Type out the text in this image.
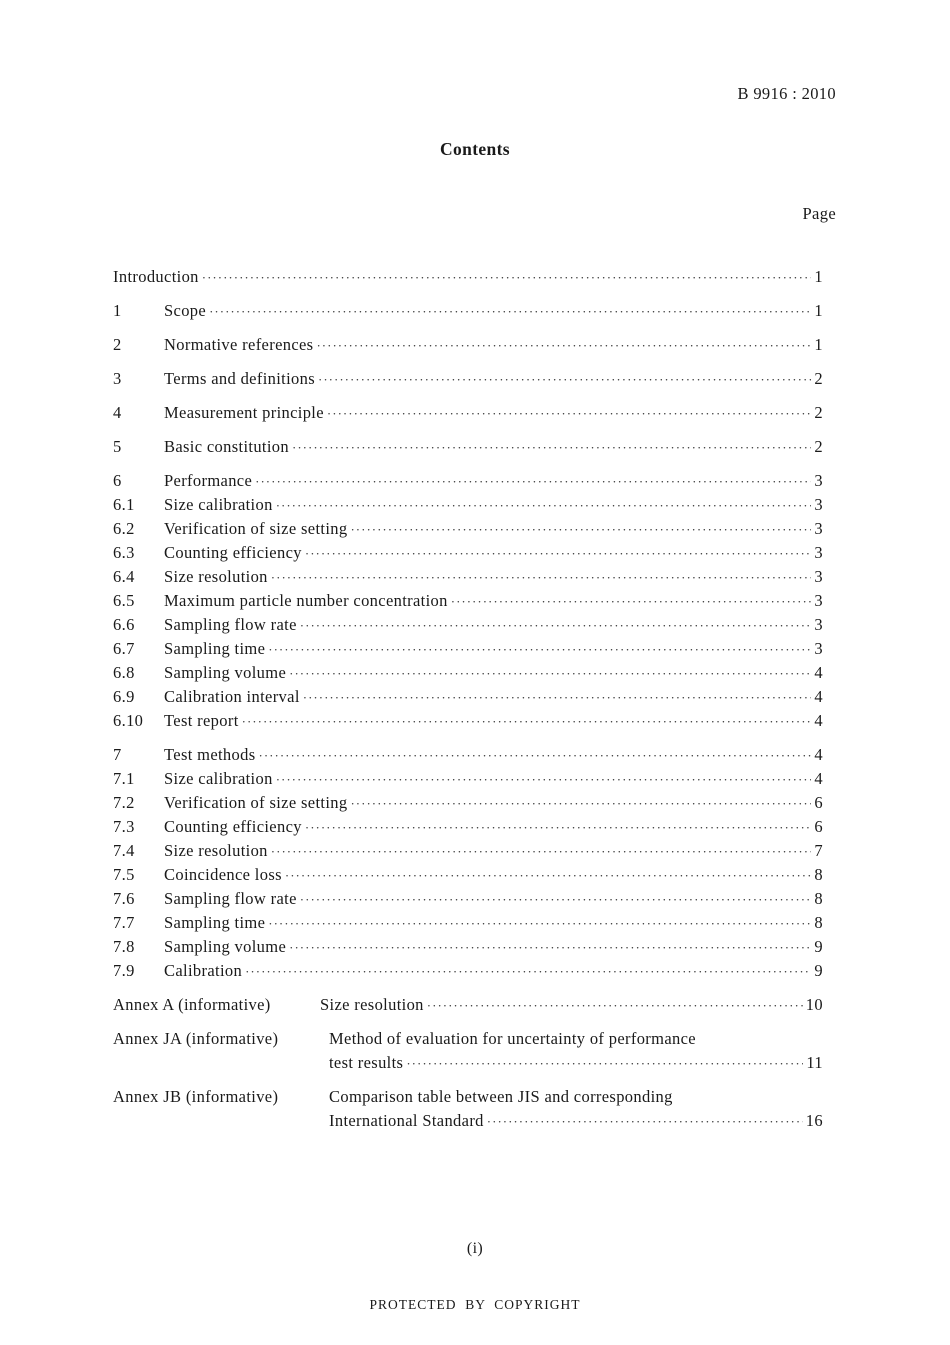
B 9916 : 2010
Contents
Page
Introduction ·····	1
1	Scope ·····	1
2	Normative references ·····	1
3	Terms and definitions ·····	2
4	Measurement principle ·····	2
5	Basic constitution ·····	2
6	Performance ·····	3
6.1	Size calibration ·····	3
6.2	Verification of size setting ·····	3
6.3	Counting efficiency ·····	3
6.4	Size resolution ·····	3
6.5	Maximum particle number concentration ·····	3
6.6	Sampling flow rate ·····	3
6.7	Sampling time ·····	3
6.8	Sampling volume ·····	4
6.9	Calibration interval ·····	4
6.10	Test report ·····	4
7	Test methods ·····	4
7.1	Size calibration ·····	4
7.2	Verification of size setting ·····	6
7.3	Counting efficiency ·····	6
7.4	Size resolution ·····	7
7.5	Coincidence loss ·····	8
7.6	Sampling flow rate ·····	8
7.7	Sampling time ·····	8
7.8	Sampling volume ·····	9
7.9	Calibration ·····	9
Annex A (informative)	Size resolution ·····	10
Annex JA (informative)	Method of evaluation for uncertainty of performance
test results ·····	11
Annex JB (informative)	Comparison table between JIS and corresponding
International Standard ·····	16
(i)
PROTECTED  BY  COPYRIGHT
